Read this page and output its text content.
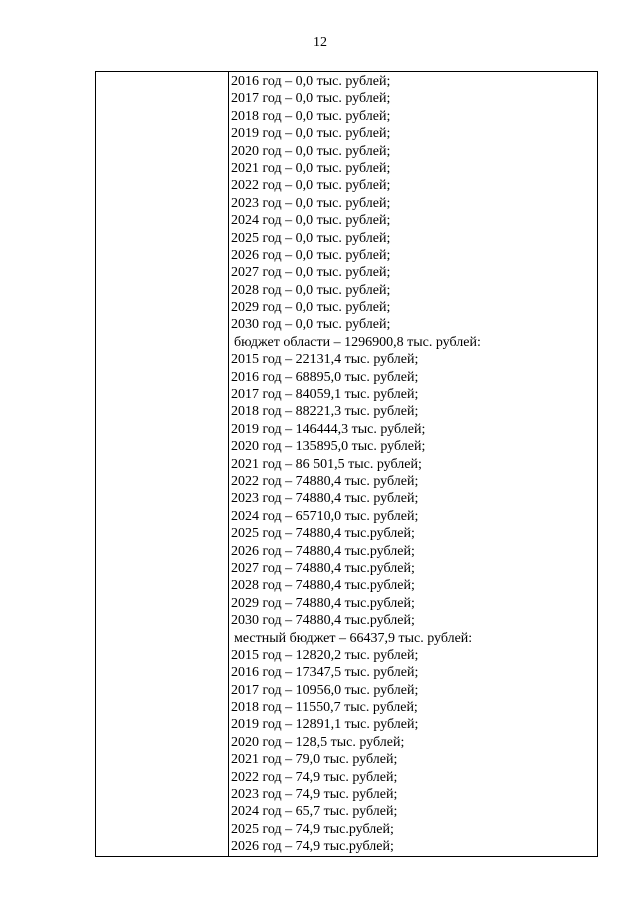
12
2016 год – 0,0 тыс. рублей;
2017 год – 0,0 тыс. рублей;
2018 год – 0,0 тыс. рублей;
2019 год – 0,0 тыс. рублей;
2020 год – 0,0 тыс. рублей;
2021 год – 0,0 тыс. рублей;
2022 год – 0,0 тыс. рублей;
2023 год – 0,0 тыс. рублей;
2024 год – 0,0 тыс. рублей;
2025 год – 0,0 тыс. рублей;
2026 год – 0,0 тыс. рублей;
2027 год – 0,0 тыс. рублей;
2028 год – 0,0 тыс. рублей;
2029 год – 0,0 тыс. рублей;
2030 год – 0,0 тыс. рублей;
бюджет области – 1296900,8 тыс. рублей:
2015 год – 22131,4 тыс. рублей;
2016 год – 68895,0 тыс. рублей;
2017 год – 84059,1 тыс. рублей;
2018 год – 88221,3 тыс. рублей;
2019 год – 146444,3 тыс. рублей;
2020 год – 135895,0 тыс. рублей;
2021 год – 86 501,5 тыс. рублей;
2022 год – 74880,4 тыс. рублей;
2023 год – 74880,4 тыс. рублей;
2024 год – 65710,0 тыс. рублей;
2025 год – 74880,4 тыс.рублей;
2026 год – 74880,4 тыс.рублей;
2027 год – 74880,4 тыс.рублей;
2028 год – 74880,4 тыс.рублей;
2029 год – 74880,4 тыс.рублей;
2030 год – 74880,4 тыс.рублей;
местный бюджет – 66437,9 тыс. рублей:
2015 год – 12820,2 тыс. рублей;
2016 год – 17347,5 тыс. рублей;
2017 год – 10956,0 тыс. рублей;
2018 год – 11550,7 тыс. рублей;
2019 год – 12891,1 тыс. рублей;
2020 год – 128,5 тыс. рублей;
2021 год – 79,0 тыс. рублей;
2022 год – 74,9 тыс. рублей;
2023 год – 74,9 тыс. рублей;
2024 год – 65,7 тыс. рублей;
2025 год – 74,9 тыс.рублей;
2026 год – 74,9 тыс.рублей;
